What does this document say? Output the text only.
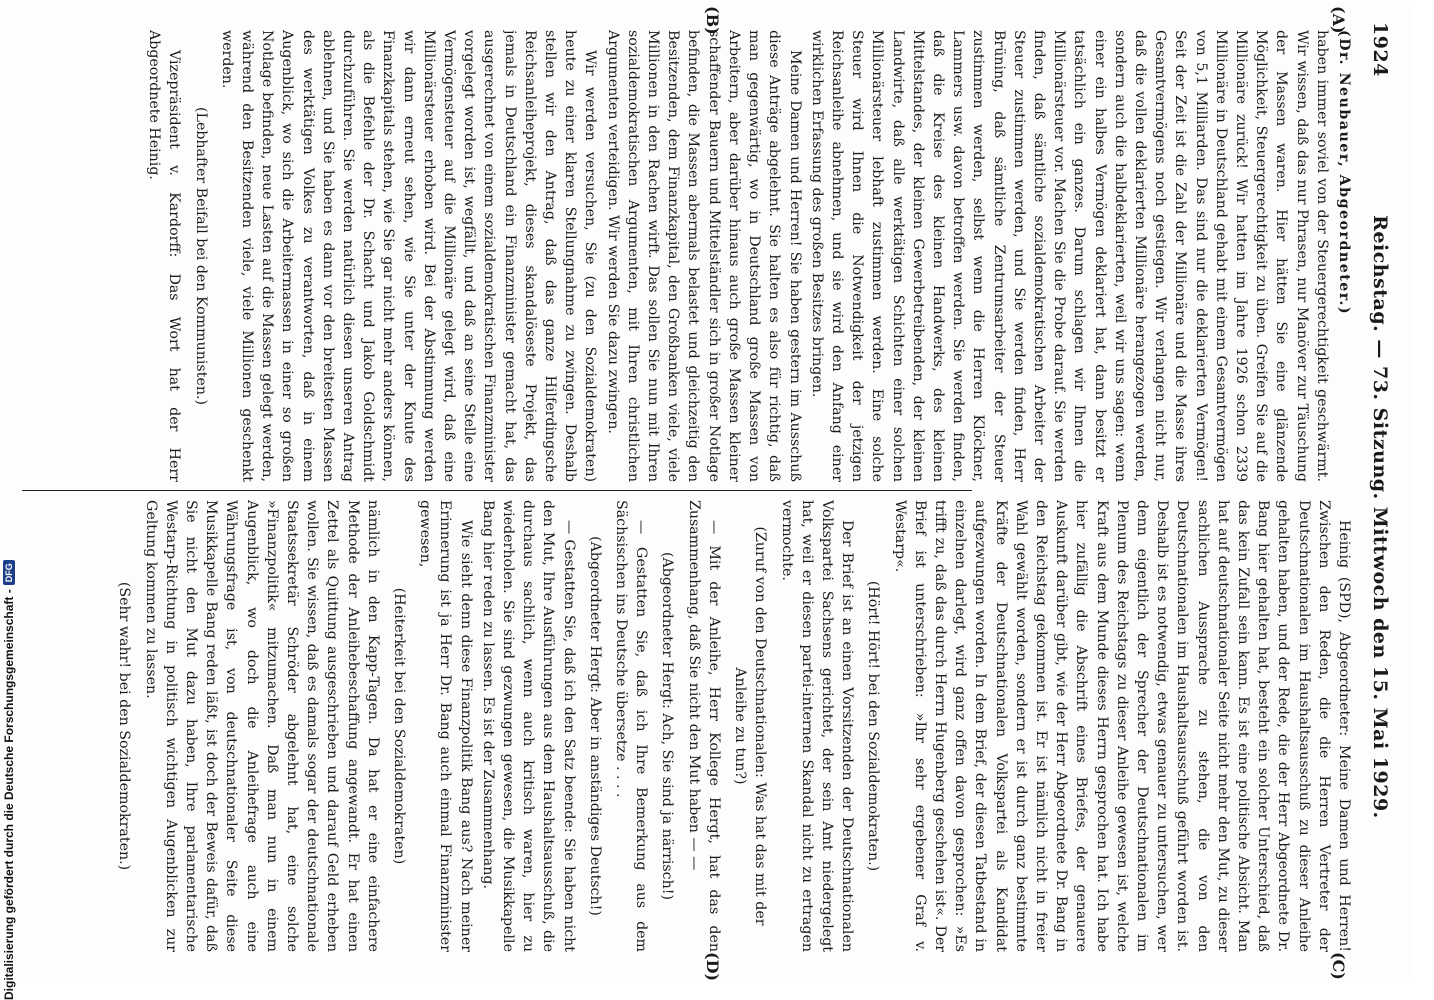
1924
Reichstag. — 73. Sitzung. Mittwoch den 15. Mai 1929.
(A)
(B)
(C)
(D)

(Dr. Neubauer, Abgeordneter.)

haben immer soviel von der Steuergerechtigkeit geschwärmt. Wir wissen, daß das nur Phrasen, nur Manöver zur Täuschung der Massen waren. Hier hätten Sie eine glänzende Möglichkeit, Steuergerechtigkeit zu üben. Greifen Sie auf die Millionäre zurück! Wir hatten im Jahre 1926 schon 2339 Millionäre in Deutschland gehabt mit einem Gesamtvermögen von 5,1 Milliarden. Das sind nur die deklarierten Vermögen! Seit der Zeit ist die Zahl der Millionäre und die Masse ihres Gesamtvermögens noch gestiegen. Wir verlangen nicht nur, daß die vollen deklarierten Millionäre herangezogen werden, sondern auch die halbdeklarierten, weil wir uns sagen: wenn einer ein halbes Vermögen deklariert hat, dann besitzt er tatsächlich ein ganzes. Darum schlagen wir Ihnen die Millionärsteuer vor. Machen Sie die Probe darauf. Sie werden finden, daß sämtliche sozialdemokratischen Arbeiter der Steuer zustimmen werden, und Sie werden finden, Herr Brüning, daß sämtliche Zentrumsarbeiter der Steuer zustimmen werden, selbst wenn die Herren Klöckner, Lammers usw. davon betroffen werden. Sie werden finden, daß die Kreise des kleinen Handwerks, des kleinen Mittelstandes, der kleinen Gewerbetreibenden, der kleinen Landwirte, daß alle werktätigen Schichten einer solchen Millionärsteuer lebhaft zustimmen werden. Eine solche Steuer wird Ihnen die Notwendigkeit der jetzigen Reichsanleihe abnehmen, und sie wird den Anfang einer wirklichen Erfassung des großen Besitzes bringen.

Meine Damen und Herren! Sie haben gestern im Ausschuß diese Anträge abgelehnt. Sie halten es also für richtig, daß man gegenwärtig, wo in Deutschland große Massen von Arbeitern, aber darüber hinaus auch große Massen kleiner schaffender Bauern und Mittelständler sich in großer Notlage befinden, die Massen abermals belastet und gleichzeitig den Besitzenden, dem Finanzkapital, den Großbanken viele, viele Millionen in den Rachen wirft. Das sollen Sie nun mit Ihren sozialdemokratischen Argumenten, mit Ihren christlichen Argumenten verteidigen. Wir werden Sie dazu zwingen.

Wir werden versuchen, Sie (zu den Sozialdemokraten) heute zu einer klaren Stellungnahme zu zwingen. Deshalb stellen wir den Antrag, daß das ganze Hilferdingsche Reichsanleiheprojekt, dieses skandalöseste Projekt, das jemals in Deutschland ein Finanzminister gemacht hat, das ausgerechnet von einem sozialdemokratischen Finanzminister vorgelegt worden ist, wegfällt, und daß an seine Stelle eine Vermögensteuer auf die Millionäre gelegt wird, daß eine Millionärsteuer erhoben wird. Bei der Abstimmung werden wir dann erneut sehen, wie Sie unter der Knute des Finanzkapitals stehen, wie Sie gar nicht mehr anders können, als die Befehle der Dr. Schacht und Jakob Goldschmidt durchzuführen. Sie werden natürlich diesen unseren Antrag ablehnen, und Sie haben es dann vor den breitesten Massen des werktätigen Volkes zu verantworten, daß in einem Augenblick, wo sich die Arbeitermassen in einer so großen Notlage befinden, neue Lasten auf die Massen gelegt werden, während den Besitzenden viele, viele Millionen geschenkt werden.

(Lebhafter Beifall bei den Kommunisten.)

Vizepräsident v. Kardorff: Das Wort hat der Herr Abgeordnete Heinig.

Heinig (SPD), Abgeordneter: Meine Damen und Herren! Zwischen den Reden, die die Herren Vertreter der Deutschnationalen im Haushaltsausschuß zu dieser Anleihe gehalten haben, und der Rede, die der Herr Abgeordnete Dr. Bang hier gehalten hat, besteht ein solcher Unterschied, daß das kein Zufall sein kann. Es ist eine politische Absicht. Man hat auf deutschnationaler Seite nicht mehr den Mut, zu dieser sachlichen Aussprache zu stehen, die von den Deutschnationalen im Haushaltsausschuß geführt worden ist. Deshalb ist es notwendig, etwas genauer zu untersuchen, wer denn eigentlich der Sprecher der Deutschnationalen im Plenum des Reichstags zu dieser Anleihe gewesen ist, welche Kraft aus dem Munde dieses Herrn gesprochen hat. Ich habe hier zufällig die Abschrift eines Briefes, der genauere Auskunft darüber gibt, wie der Herr Abgeordnete Dr. Bang in den Reichstag gekommen ist. Er ist nämlich nicht in freier Wahl gewählt worden, sondern er ist durch ganz bestimmte Kräfte der Deutschnationalen Volkspartei als Kandidat aufgezwungen worden. In dem Brief, der diesen Tatbestand in einzelnen darlegt, wird ganz offen davon gesprochen: »Es trifft zu, daß das durch Herrn Hugenberg geschehen ist«. Der Brief ist unterschrieben: »Ihr sehr ergebener Graf v. Westarp«.

(Hört! Hört! bei den Sozialdemokraten.)

Der Brief ist an einen Vorsitzenden der Deutschnationalen Volkspartei Sachsens gerichtet, der sein Amt niedergelegt hat, weil er diesen partei-internen Skandal nicht zu ertragen vermochte.

(Zuruf von den Deutschnationalen: Was hat das mit der Anleihe zu tun?)

— Mit der Anleihe, Herr Kollege Hergt, hat das den Zusammenhang, daß Sie nicht den Mut haben — —

(Abgeordneter Hergt: Ach, Sie sind ja närrisch!)

— Gestatten Sie, daß ich Ihre Bemerkung aus dem Sächsischen ins Deutsche übersetze . . . .

(Abgeordneter Hergt: Aber in anständiges Deutsch!)

— Gestatten Sie, daß ich den Satz beende: Sie haben nicht den Mut, Ihre Ausführungen aus dem Haushaltsausschuß, die durchaus sachlich, wenn auch kritisch waren, hier zu wiederholen. Sie sind gezwungen gewesen, die Musikkapelle Bang hier reden zu lassen. Es ist der Zusammenhang.

Wie sieht denn diese Finanzpolitik Bang aus? Nach meiner Erinnerung ist ja Herr Dr. Bang auch einmal Finanzminister gewesen,

(Heiterkeit bei den Sozialdemokraten)

nämlich in den Kapp-Tagen. Da hat er eine einfachere Methode der Anleihebeschaffung angewandt. Er hat einen Zettel als Quittung ausgeschrieben und darauf Geld erheben wollen. Sie wissen, daß es damals sogar der deutschnationale Staatssekretär Schröder abgelehnt hat, eine solche »Finanzpolitik« mitzumachen. Daß man nun in einem Augenblick, wo doch die Anleihefrage auch eine Währungsfrage ist, von deutschnationaler Seite diese Musikkapelle Bang reden läßt, ist doch der Beweis dafür, daß Sie nicht den Mut dazu haben, Ihre parlamentarische Westarp-Richtung in politisch wichtigen Augenblicken zur Geltung kommen zu lassen.

(Sehr wahr! bei den Sozialdemokraten.)

Digitalisierung gefördert durch die Deutsche Forschungsgemeinschaft -
DFG
